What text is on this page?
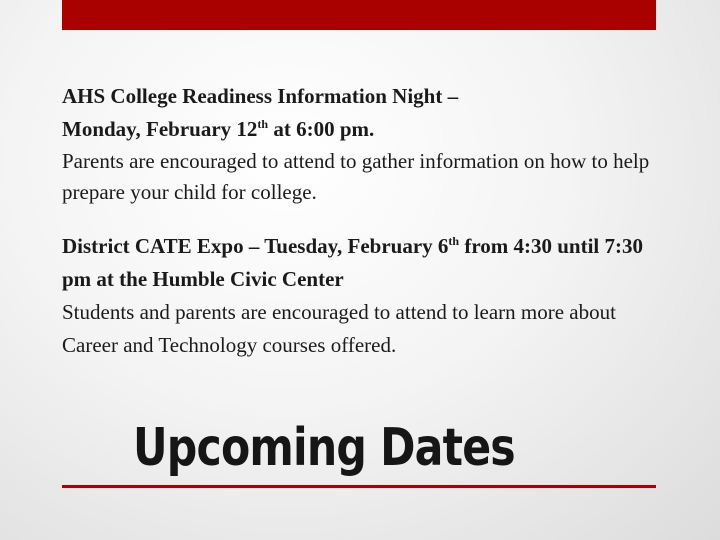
AHS College Readiness Information Night –

Monday, February 12th at 6:00 pm.

Parents are encouraged to attend to gather information on how to help prepare your child for college.

District CATE Expo – Tuesday, February 6th from 4:30 until 7:30 pm at the Humble Civic Center

Students and parents are encouraged to attend to learn more about Career and Technology courses offered.

Upcoming Dates
